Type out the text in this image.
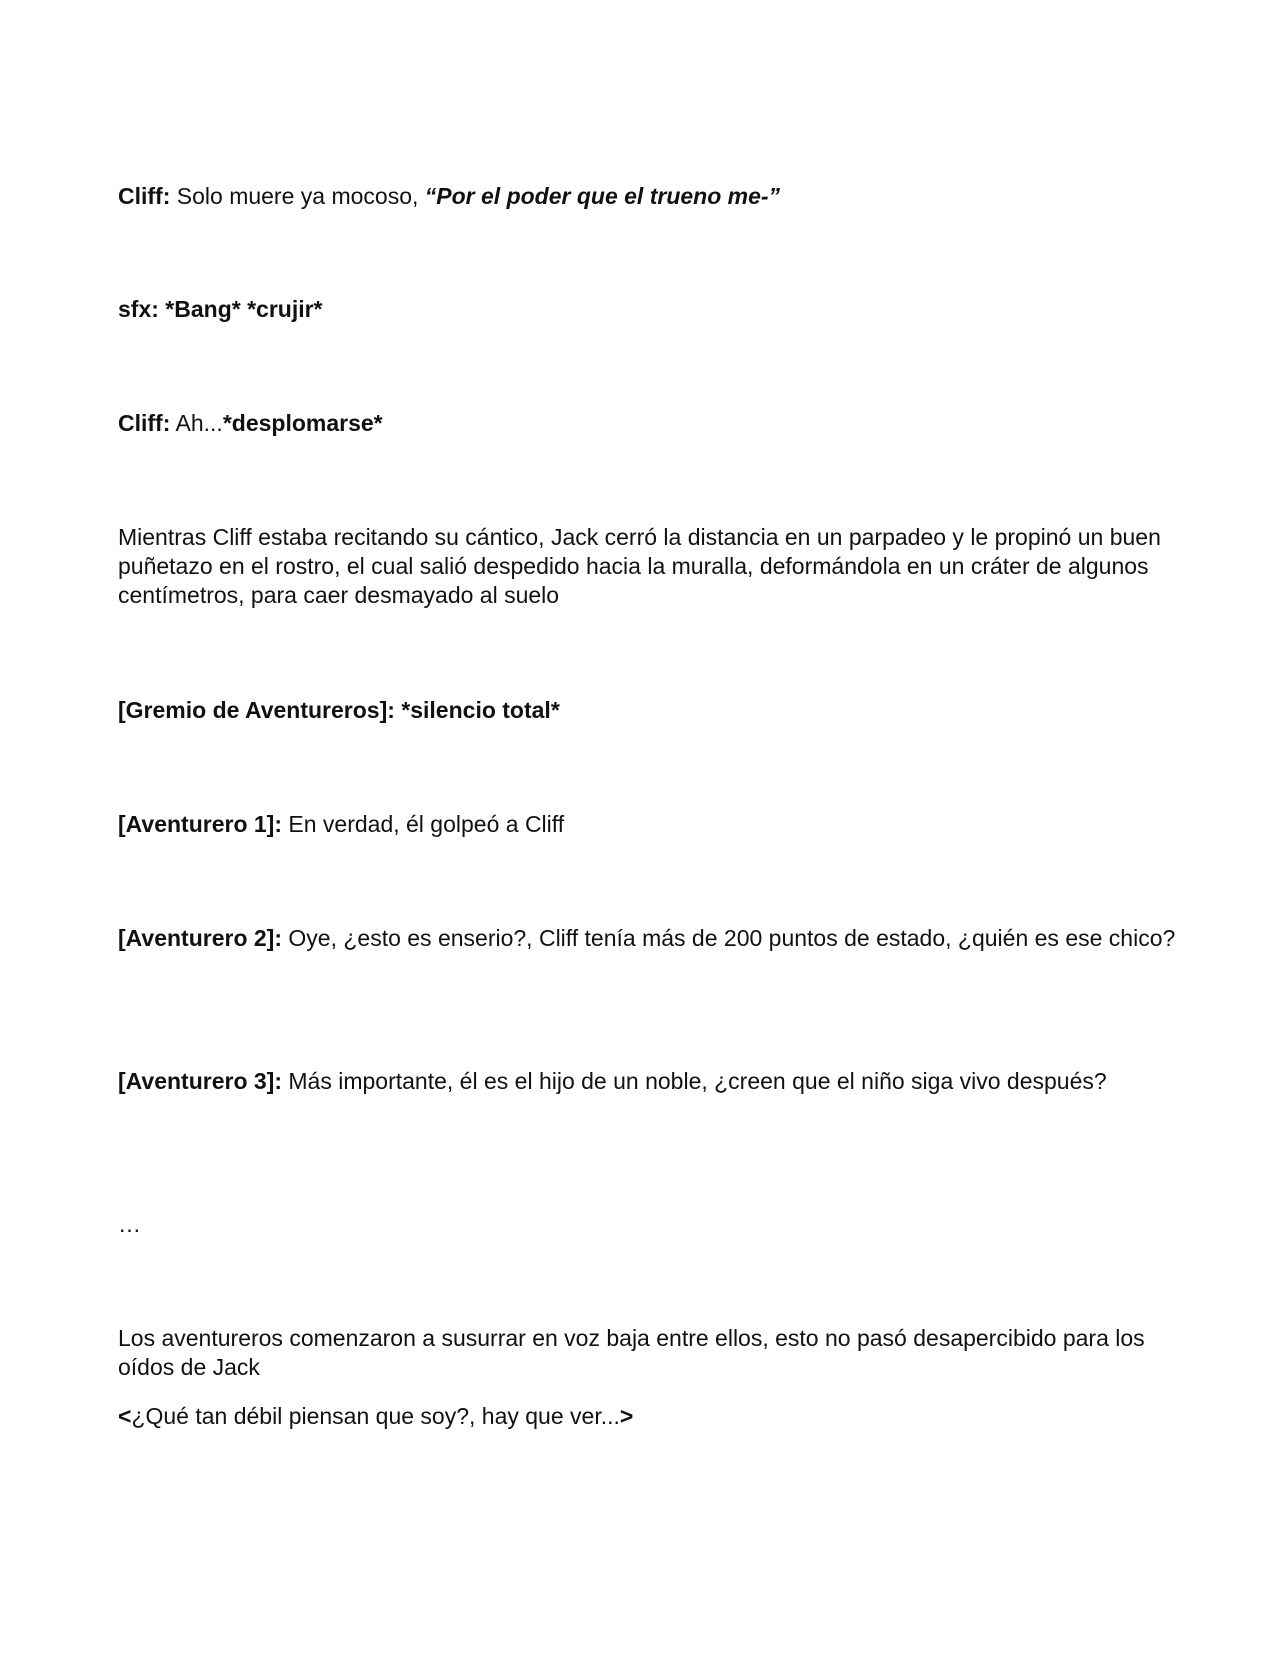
Cliff: Solo muere ya mocoso, “Por el poder que el trueno me-”

sfx: *Bang* *crujir*

Cliff: Ah...*desplomarse*

Mientras Cliff estaba recitando su cántico, Jack cerró la distancia en un parpadeo y le propinó un buen puñetazo en el rostro, el cual salió despedido hacia la muralla, deformándola en un cráter de algunos centímetros, para caer desmayado al suelo

[Gremio de Aventureros]: *silencio total*

[Aventurero 1]: En verdad, él golpeó a Cliff

[Aventurero 2]: Oye, ¿esto es enserio?, Cliff tenía más de 200 puntos de estado, ¿quién es ese chico?

[Aventurero 3]: Más importante, él es el hijo de un noble, ¿creen que el niño siga vivo después?

…

Los aventureros comenzaron a susurrar en voz baja entre ellos, esto no pasó desapercibido para los oídos de Jack

<¿Qué tan débil piensan que soy?, hay que ver...>
